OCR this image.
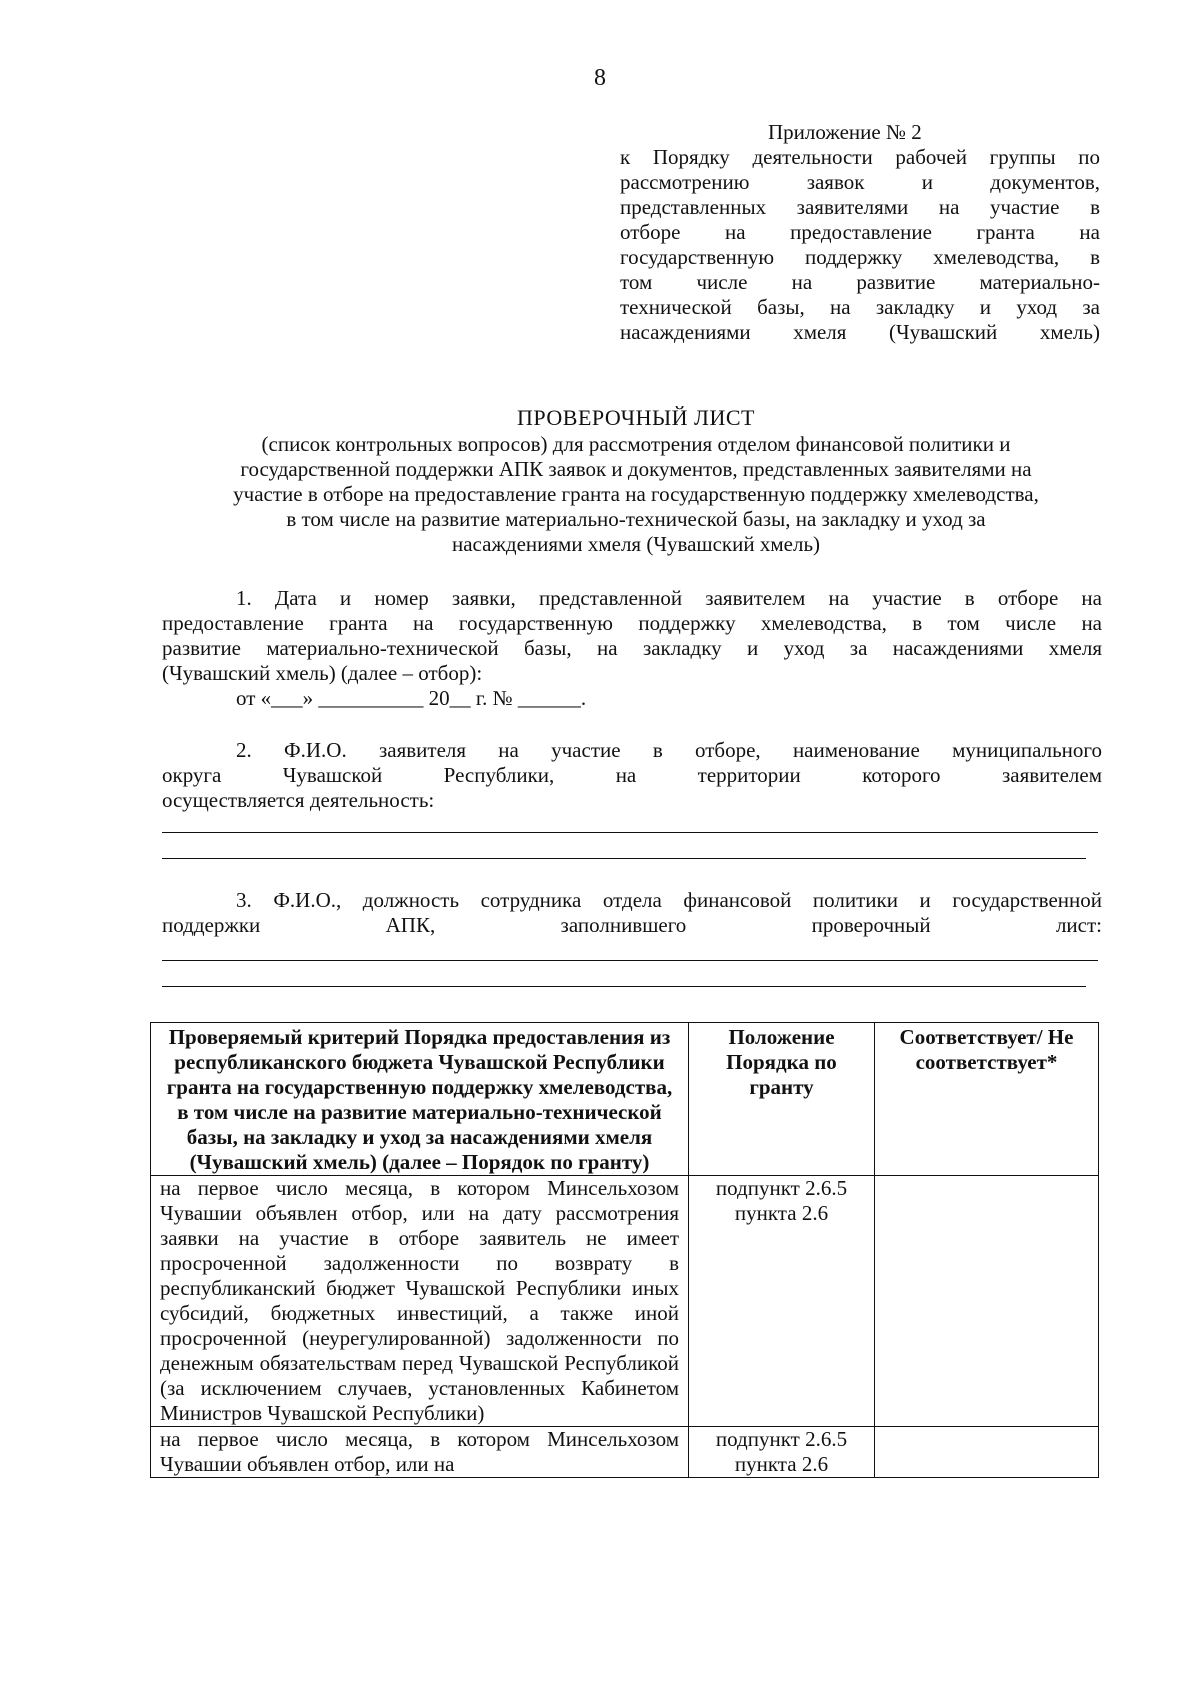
8
Приложение № 2
к Порядку деятельности рабочей группы по
рассмотрению заявок и документов,
представленных заявителями на участие в
отборе на предоставление гранта на
государственную поддержку хмелеводства, в
том числе на развитие материально-
технической базы, на закладку и уход за
насаждениями хмеля (Чувашский хмель)
ПРОВЕРОЧНЫЙ ЛИСТ
(список контрольных вопросов) для рассмотрения отделом финансовой политики и
государственной поддержки АПК заявок и документов, представленных заявителями на
участие в отборе на предоставление гранта на государственную поддержку хмелеводства,
в том числе на развитие материально-технической базы, на закладку и уход за
насаждениями хмеля (Чувашский хмель)
1. Дата и номер заявки, представленной заявителем на участие в отборе на
предоставление гранта на государственную поддержку хмелеводства, в том числе на
развитие материально-технической базы, на закладку и уход за насаждениями хмеля
(Чувашский хмель) (далее – отбор):
от «___» __________ 20__ г. № ______.
2. Ф.И.О. заявителя на участие в отборе, наименование муниципального
округа Чувашской Республики, на территории которого заявителем
осуществляется деятельность:
3. Ф.И.О., должность сотрудника отдела финансовой политики и государственной
поддержки АПК, заполнившего проверочный лист:
Проверяемый критерий Порядка предоставления из республиканского бюджета Чувашской Республики гранта на государственную поддержку хмелеводства, в том числе на развитие материально-технической базы, на закладку и уход за насаждениями хмеля (Чувашский хмель) (далее – Порядок по гранту)	Положение Порядка по гранту	Соответствует/ Не соответствует*
на первое число месяца, в котором Минсельхозом Чувашии объявлен отбор, или на дату рассмотрения заявки на участие в отборе заявитель не имеет просроченной задолженности по возврату в республиканский бюджет Чувашской Республики иных субсидий, бюджетных инвестиций, а также иной просроченной (неурегулированной) задолженности по денежным обязательствам перед Чувашской Республикой (за исключением случаев, установленных Кабинетом Министров Чувашской Республики)	подпункт 2.6.5 пункта 2.6	
на первое число месяца, в котором Минсельхозом Чувашии объявлен отбор, или на	подпункт 2.6.5 пункта 2.6	
